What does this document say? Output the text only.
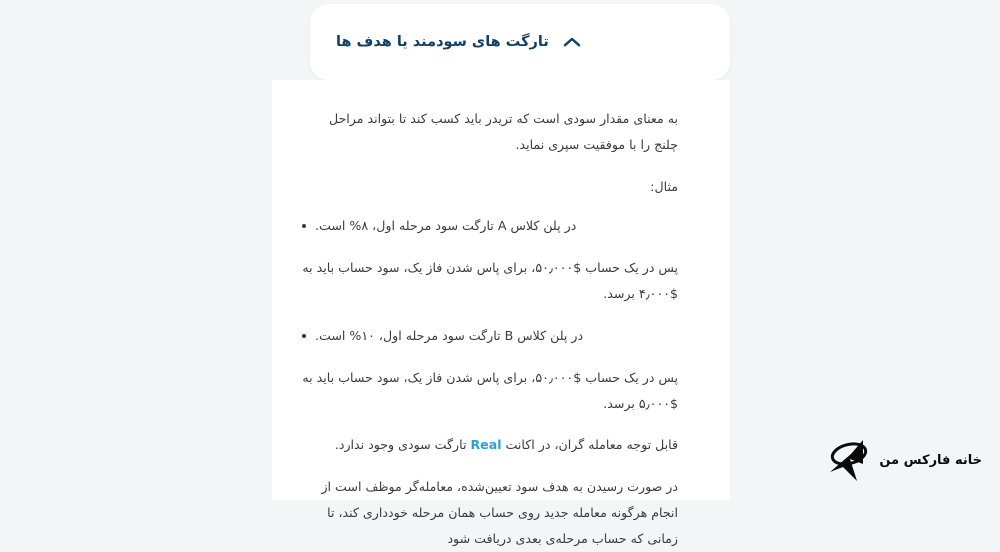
تارگت های سودمند یا هدف ها

به معنای مقدار سودی است که تریدر باید کسب کند تا بتواند مراحل چلنج را با موفقیت سپری نماید.

مثال:

در پلن کلاس A تارگت سود مرحله اول، ۸% است.

پس در یک حساب $۵۰٫۰۰۰، برای پاس شدن فاز یک، سود حساب باید به $۴٫۰۰۰ برسد.

در پلن کلاس B تارگت سود مرحله اول، ۱۰% است.

پس در یک حساب $۵۰٫۰۰۰، برای پاس شدن فاز یک، سود حساب باید به $۵٫۰۰۰ برسد.

قابل توجه معامله گران، در اکانت Real تارگت سودی وجود ندارد.

در صورت رسیدن به هدف سود تعیین‌شده، معامله‌گر موظف است از انجام هرگونه معامله جدید روی حساب همان مرحله خودداری کند، تا زمانی که حساب مرحله‌ی بعدی دریافت شود

خانه فارکس من
